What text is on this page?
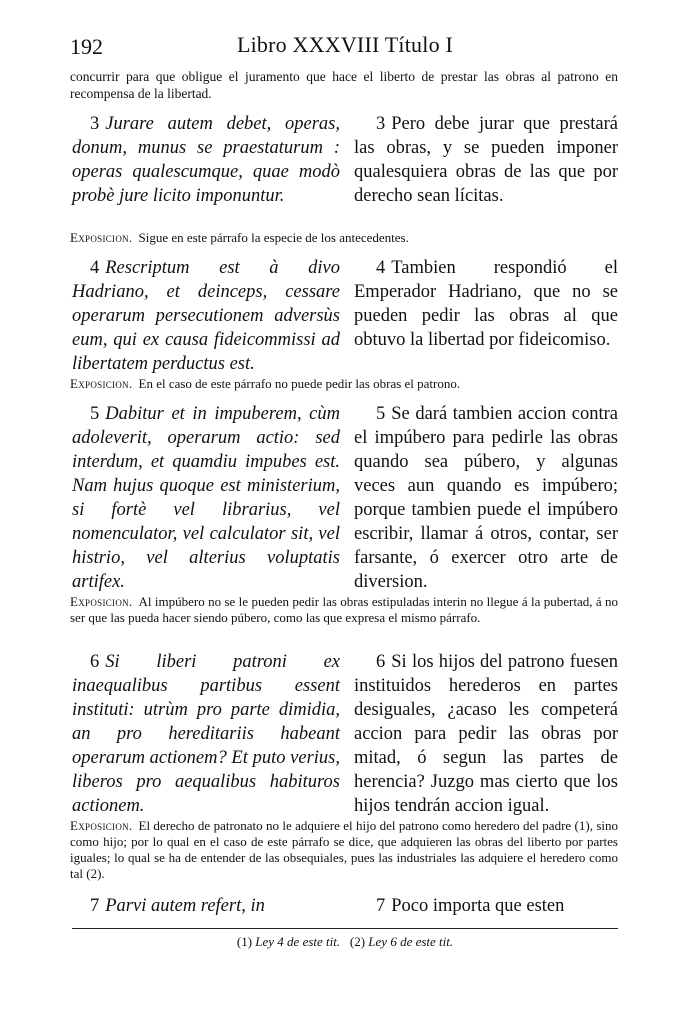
192	Libro XXXVIII Título I
concurrir para que obligue el juramento que hace el liberto de prestar las obras al patrono en recompensa de la libertad.
3 Jurare autem debet, operas, donum, munus se praestaturum : operas qualescumque, quae modò probè jure licito imponuntur.
3 Pero debe jurar que prestará las obras, y se pueden imponer qualesquiera obras de las que por derecho sean lícitas.
Exposicion. Sigue en este párrafo la especie de los antecedentes.
4 Rescriptum est à divo Hadriano, et deinceps, cessare operarum persecutionem adversùs eum, qui ex causa fideicommissi ad libertatem perductus est.
4 Tambien respondió el Emperador Hadriano, que no se pueden pedir las obras al que obtuvo la libertad por fideicomiso.
Exposicion. En el caso de este párrafo no puede pedir las obras el patrono.
5 Dabitur et in impuberem, cùm adoleverit, operarum actio: sed interdum, et quamdiu impubes est. Nam hujus quoque est ministerium, si fortè vel librarius, vel nomenculator, vel calculator sit, vel histrio, vel alterius voluptatis artifex.
5 Se dará tambien accion contra el impúbero para pedirle las obras quando sea púbero, y algunas veces aun quando es impúbero; porque tambien puede el impúbero escribir, llamar á otros, contar, ser farsante, ó exercer otro arte de diversion.
Exposicion. Al impúbero no se le pueden pedir las obras estipuladas interin no llegue á la pubertad, á no ser que las pueda hacer siendo púbero, como las que expresa el mismo párrafo.
6 Si liberi patroni ex inaequalibus partibus essent instituti: utrùm pro parte dimidia, an pro hereditariis habeant operarum actionem? Et puto verius, liberos pro aequalibus habituros actionem.
6 Si los hijos del patrono fuesen instituidos herederos en partes desiguales, ¿acaso les competerá accion para pedir las obras por mitad, ó segun las partes de herencia? Juzgo mas cierto que los hijos tendrán accion igual.
Exposicion. El derecho de patronato no le adquiere el hijo del patrono como heredero del padre (1), sino como hijo; por lo qual en el caso de este párrafo se dice, que adquieren las obras del liberto por partes iguales; lo qual se ha de entender de las obsequiales, pues las industriales las adquiere el heredero como tal (2).
7 Parvi autem refert, in	7 Poco importa que esten
(1) Ley 4 de este tit. (2) Ley 6 de este tit.
